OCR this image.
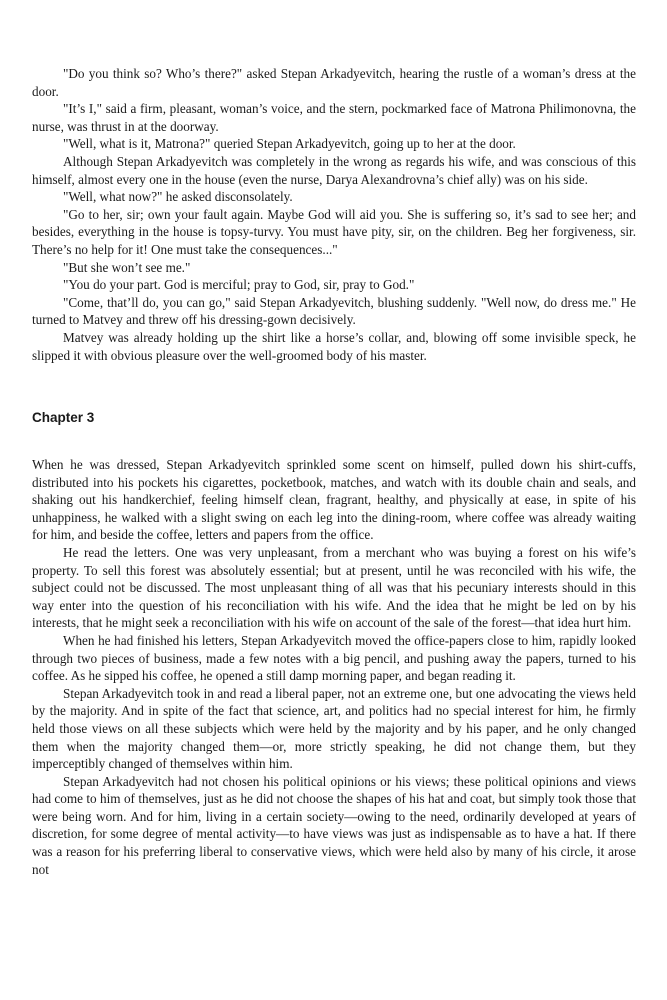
"Do you think so? Who’s there?" asked Stepan Arkadyevitch, hearing the rustle of a woman’s dress at the door.

"It’s I," said a firm, pleasant, woman’s voice, and the stern, pockmarked face of Matrona Philimonovna, the nurse, was thrust in at the doorway.

"Well, what is it, Matrona?" queried Stepan Arkadyevitch, going up to her at the door.

Although Stepan Arkadyevitch was completely in the wrong as regards his wife, and was conscious of this himself, almost every one in the house (even the nurse, Darya Alexandrovna’s chief ally) was on his side.

"Well, what now?" he asked disconsolately.

"Go to her, sir; own your fault again. Maybe God will aid you. She is suffering so, it’s sad to see her; and besides, everything in the house is topsy-turvy. You must have pity, sir, on the children. Beg her forgiveness, sir. There’s no help for it! One must take the consequences..."

"But she won’t see me."

"You do your part. God is merciful; pray to God, sir, pray to God."

"Come, that’ll do, you can go," said Stepan Arkadyevitch, blushing suddenly. "Well now, do dress me." He turned to Matvey and threw off his dressing-gown decisively.

Matvey was already holding up the shirt like a horse’s collar, and, blowing off some invisible speck, he slipped it with obvious pleasure over the well-groomed body of his master.

Chapter 3

When he was dressed, Stepan Arkadyevitch sprinkled some scent on himself, pulled down his shirt-cuffs, distributed into his pockets his cigarettes, pocketbook, matches, and watch with its double chain and seals, and shaking out his handkerchief, feeling himself clean, fragrant, healthy, and physically at ease, in spite of his unhappiness, he walked with a slight swing on each leg into the dining-room, where coffee was already waiting for him, and beside the coffee, letters and papers from the office.

He read the letters. One was very unpleasant, from a merchant who was buying a forest on his wife’s property. To sell this forest was absolutely essential; but at present, until he was reconciled with his wife, the subject could not be discussed. The most unpleasant thing of all was that his pecuniary interests should in this way enter into the question of his reconciliation with his wife. And the idea that he might be led on by his interests, that he might seek a reconciliation with his wife on account of the sale of the forest—that idea hurt him.

When he had finished his letters, Stepan Arkadyevitch moved the office-papers close to him, rapidly looked through two pieces of business, made a few notes with a big pencil, and pushing away the papers, turned to his coffee. As he sipped his coffee, he opened a still damp morning paper, and began reading it.

Stepan Arkadyevitch took in and read a liberal paper, not an extreme one, but one advocating the views held by the majority. And in spite of the fact that science, art, and politics had no special interest for him, he firmly held those views on all these subjects which were held by the majority and by his paper, and he only changed them when the majority changed them—or, more strictly speaking, he did not change them, but they imperceptibly changed of themselves within him.

Stepan Arkadyevitch had not chosen his political opinions or his views; these political opinions and views had come to him of themselves, just as he did not choose the shapes of his hat and coat, but simply took those that were being worn. And for him, living in a certain society—owing to the need, ordinarily developed at years of discretion, for some degree of mental activity—to have views was just as indispensable as to have a hat. If there was a reason for his preferring liberal to conservative views, which were held also by many of his circle, it arose not
